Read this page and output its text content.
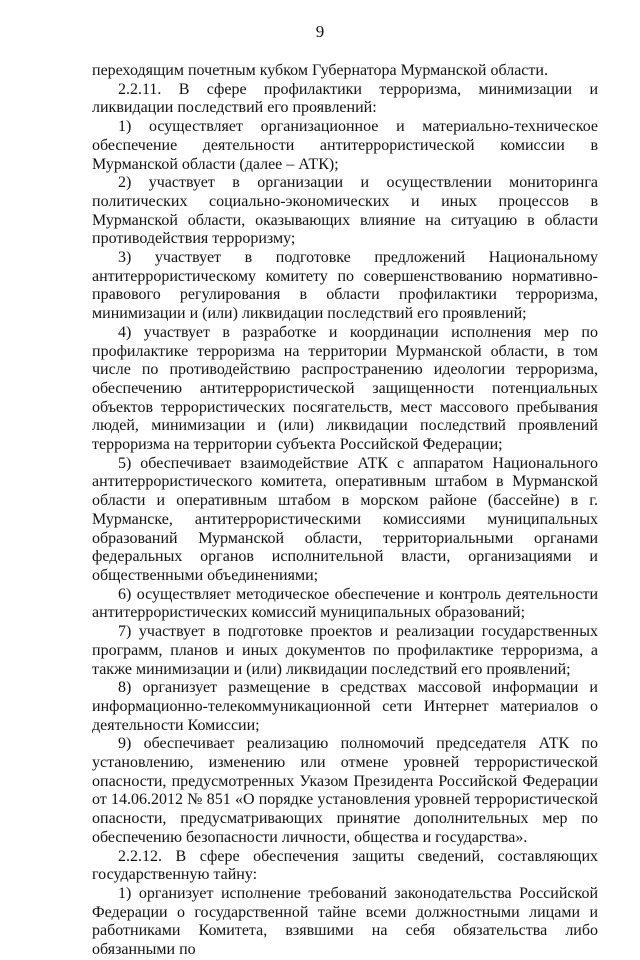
9

переходящим почетным кубком Губернатора Мурманской области.

2.2.11. В сфере профилактики терроризма, минимизации и ликвидации последствий его проявлений:

1) осуществляет организационное и материально-техническое обеспечение деятельности антитеррористической комиссии в Мурманской области (далее – АТК);

2) участвует в организации и осуществлении мониторинга политических социально-экономических и иных процессов в Мурманской области, оказывающих влияние на ситуацию в области противодействия терроризму;

3) участвует в подготовке предложений Национальному антитеррористическому комитету по совершенствованию нормативно-правового регулирования в области профилактики терроризма, минимизации и (или) ликвидации последствий его проявлений;

4) участвует в разработке и координации исполнения мер по профилактике терроризма на территории Мурманской области, в том числе по противодействию распространению идеологии терроризма, обеспечению антитеррористической защищенности потенциальных объектов террористических посягательств, мест массового пребывания людей, минимизации и (или) ликвидации последствий проявлений терроризма на территории субъекта Российской Федерации;

5) обеспечивает взаимодействие АТК с аппаратом Национального антитеррористического комитета, оперативным штабом в Мурманской области и оперативным штабом в морском районе (бассейне) в г. Мурманске, антитеррористическими комиссиями муниципальных образований Мурманской области, территориальными органами федеральных органов исполнительной власти, организациями и общественными объединениями;

6) осуществляет методическое обеспечение и контроль деятельности антитеррористических комиссий муниципальных образований;

7) участвует в подготовке проектов и реализации государственных программ, планов и иных документов по профилактике терроризма, а также минимизации и (или) ликвидации последствий его проявлений;

8) организует размещение в средствах массовой информации и информационно-телекоммуникационной сети Интернет материалов о деятельности Комиссии;

9) обеспечивает реализацию полномочий председателя АТК по установлению, изменению или отмене уровней террористической опасности, предусмотренных Указом Президента Российской Федерации от 14.06.2012 № 851 «О порядке установления уровней террористической опасности, предусматривающих принятие дополнительных мер по обеспечению безопасности личности, общества и государства».

2.2.12. В сфере обеспечения защиты сведений, составляющих государственную тайну:

1) организует исполнение требований законодательства Российской Федерации о государственной тайне всеми должностными лицами и работниками Комитета, взявшими на себя обязательства либо обязанными по
